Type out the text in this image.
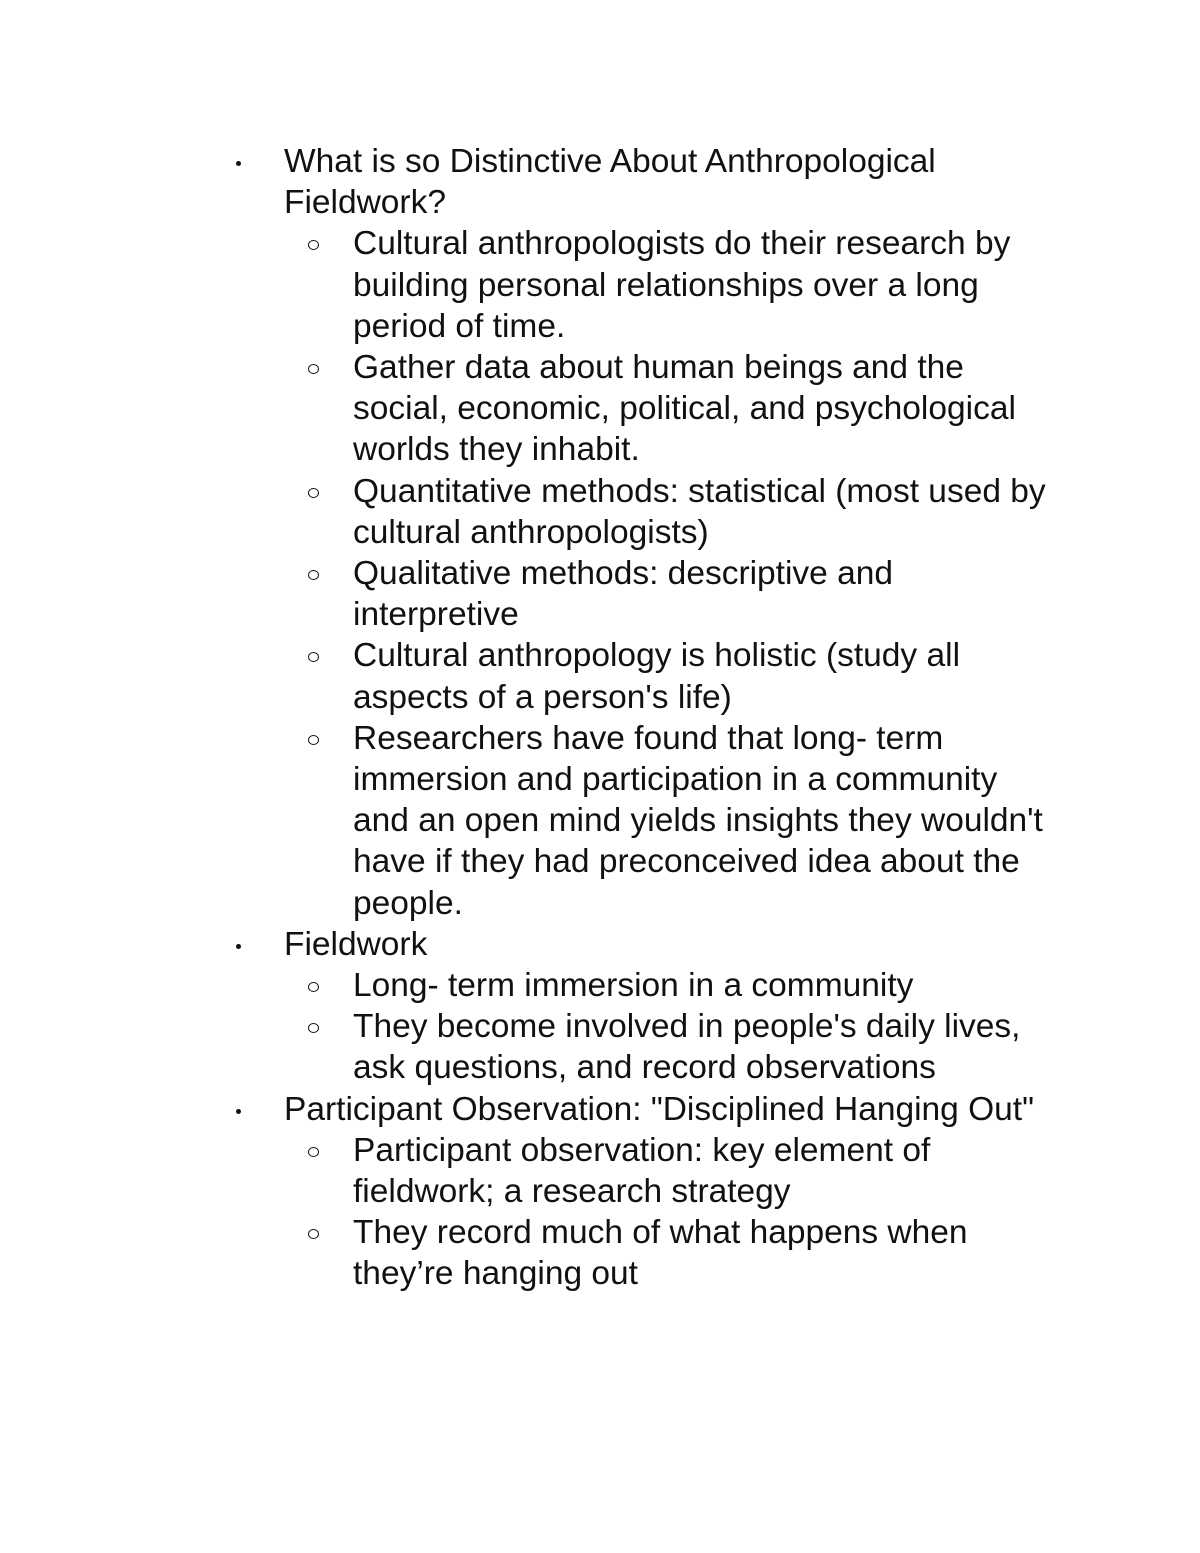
What is so Distinctive About Anthropological
Fieldwork?
Cultural anthropologists do their research by
building personal relationships over a long
period of time.
Gather data about human beings and the
social, economic, political, and psychological
worlds they inhabit.
Quantitative methods: statistical (most used by
cultural anthropologists)
Qualitative methods: descriptive and
interpretive
Cultural anthropology is holistic (study all
aspects of a person's life)
Researchers have found that long- term
immersion and participation in a community
and an open mind yields insights they wouldn't
have if they had preconceived idea about the
people.
Fieldwork
Long- term immersion in a community
They become involved in people's daily lives,
ask questions, and record observations
Participant Observation: "Disciplined Hanging Out"
Participant observation: key element of
fieldwork; a research strategy
They record much of what happens when
they’re hanging out
